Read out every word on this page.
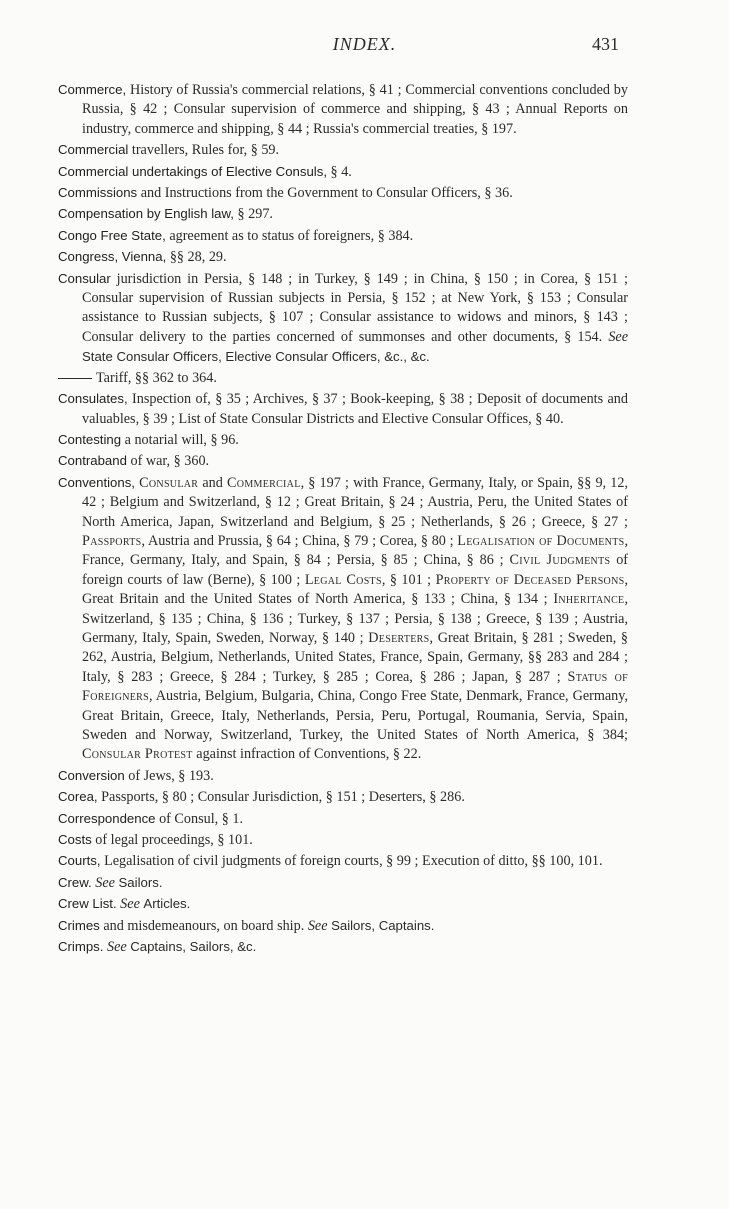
INDEX.	431

Commerce, History of Russia's commercial relations, § 41 ; Commercial conventions concluded by Russia, § 42 ; Consular supervision of commerce and shipping, § 43 ; Annual Reports on industry, commerce and shipping, § 44 ; Russia's commercial treaties, § 197.

Commercial travellers, Rules for, § 59.

Commercial undertakings of Elective Consuls, § 4.

Commissions and Instructions from the Government to Consular Officers, § 36.

Compensation by English law, § 297.

Congo Free State, agreement as to status of foreigners, § 384.

Congress, Vienna, §§ 28, 29.

Consular jurisdiction in Persia, § 148 ; in Turkey, § 149 ; in China, § 150 ; in Corea, § 151 ; Consular supervision of Russian subjects in Persia, § 152 ; at New York, § 153 ; Consular assistance to Russian subjects, § 107 ; Consular assistance to widows and minors, § 143 ; Consular delivery to the parties concerned of summonses and other documents, § 154. See State Consular Officers, Elective Consular Officers, &c., &c.

Tariff, §§ 362 to 364.

Consulates, Inspection of, § 35 ; Archives, § 37 ; Book-keeping, § 38 ; Deposit of documents and valuables, § 39 ; List of State Consular Districts and Elective Consular Offices, § 40.

Contesting a notarial will, § 96.

Contraband of war, § 360.

Conventions, Consular and Commercial, § 197 ; with France, Germany, Italy, or Spain, §§ 9, 12, 42 ; Belgium and Switzerland, § 12 ; Great Britain, § 24 ; Austria, Peru, the United States of North America, Japan, Switzerland and Belgium, § 25 ; Netherlands, § 26 ; Greece, § 27 ; Passports, Austria and Prussia, § 64 ; China, § 79 ; Corea, § 80 ; Legalisation of Documents, France, Germany, Italy, and Spain, § 84 ; Persia, § 85 ; China, § 86 ; Civil Judgments of foreign courts of law (Berne), § 100 ; Legal Costs, § 101 ; Property of Deceased Persons, Great Britain and the United States of North America, § 133 ; China, § 134 ; Inheritance, Switzerland, § 135 ; China, § 136 ; Turkey, § 137 ; Persia, § 138 ; Greece, § 139 ; Austria, Germany, Italy, Spain, Sweden, Norway, § 140 ; Deserters, Great Britain, § 281 ; Sweden, § 262, Austria, Belgium, Netherlands, United States, France, Spain, Germany, §§ 283 and 284 ; Italy, § 283 ; Greece, § 284 ; Turkey, § 285 ; Corea, § 286 ; Japan, § 287 ; Status of Foreigners, Austria, Belgium, Bulgaria, China, Congo Free State, Denmark, France, Germany, Great Britain, Greece, Italy, Netherlands, Persia, Peru, Portugal, Roumania, Servia, Spain, Sweden and Norway, Switzerland, Turkey, the United States of North America, § 384; Consular Protest against infraction of Conventions, § 22.

Conversion of Jews, § 193.

Corea, Passports, § 80 ; Consular Jurisdiction, § 151 ; Deserters, § 286.

Correspondence of Consul, § 1.

Costs of legal proceedings, § 101.

Courts, Legalisation of civil judgments of foreign courts, § 99 ; Execution of ditto, §§ 100, 101.

Crew. See Sailors.

Crew List. See Articles.

Crimes and misdemeanours, on board ship. See Sailors, Captains.

Crimps. See Captains, Sailors, &c.
